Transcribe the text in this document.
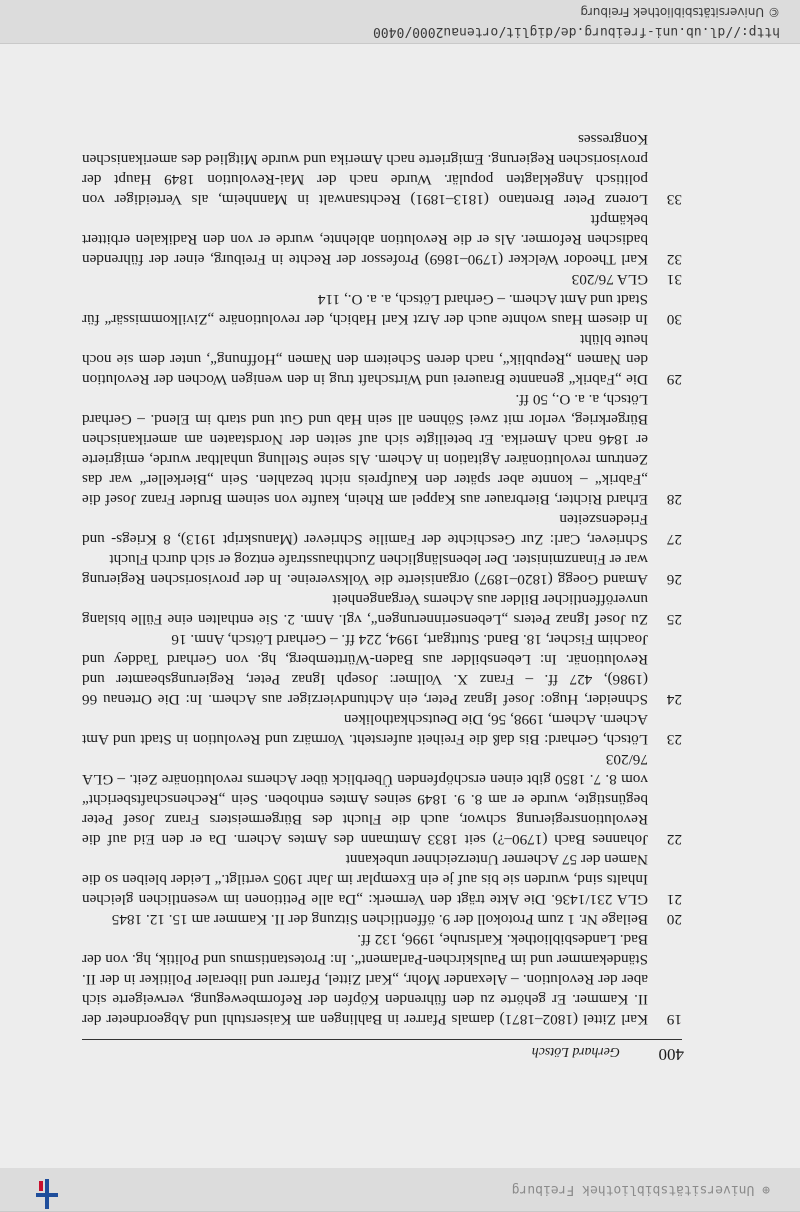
⊕ Universitätsbibliothek Freiburg
400
Gerhard Lötsch

19
Karl Zittel (1802–1871) damals Pfarrer in Bahlingen am Kaiserstuhl und Abgeordneter der II. Kammer. Er gehörte zu den führenden Köpfen der Reformbewegung, verweigerte sich aber der Revolution. – Alexander Mohr, „Karl Zittel, Pfarrer und liberaler Politiker in der II. Ständekammer und im Paulskirchen-Parlament“. In: Protestantismus und Politik, hg. von der Bad. Landesbibliothek. Karlsruhe, 1996, 132 ff.

20
Beilage Nr. 1 zum Protokoll der 9. öffentlichen Sitzung der II. Kammer am 15. 12. 1845

21
GLA 231/1436. Die Akte trägt den Vermerk: „Da alle Petitionen im wesentlichen gleichen Inhalts sind, wurden sie bis auf je ein Exemplar im Jahr 1905 vertilgt.“ Leider bleiben so die Namen der 57 Acherner Unterzeichner unbekannt

22
Johannes Bach (1790–?) seit 1833 Amtmann des Amtes Achern. Da er den Eid auf die Revolutionsregierung schwor, auch die Flucht des Bürgermeisters Franz Josef Peter begünstigte, wurde er am 8. 9. 1849 seines Amtes enthoben. Sein „Rechenschaftsbericht“ vom 8. 7. 1850 gibt einen erschöpfenden Überblick über Acherns revolutionäre Zeit. – GLA 76/203

23
Lötsch, Gerhard: Bis daß die Freiheit aufersteht. Vormärz und Revolution in Stadt und Amt Achern. Achern, 1998, 56, Die Deutschkatholiken

24
Schneider, Hugo: Josef Ignaz Peter, ein Achtundvierziger aus Achern. In: Die Ortenau 66 (1986), 427 ff. – Franz X. Vollmer: Joseph Ignaz Peter, Regierungsbeamter und Revolutionär. In: Lebensbilder aus Baden-Württemberg, hg. von Gerhard Taddey und Joachim Fischer, 18. Band. Stuttgart, 1994, 224 ff. – Gerhard Lötsch, Anm. 16

25
Zu Josef Ignaz Peters „Lebenserinnerungen“, vgl. Anm. 2. Sie enthalten eine Fülle bislang unveröffentlicher Bilder aus Acherns Vergangenheit

26
Amand Goegg (1820–1897) organisierte die Volksvereine. In der provisorischen Regierung war er Finanzminister. Der lebenslänglichen Zuchthausstrafe entzog er sich durch Flucht

27
Schriever, Carl: Zur Geschichte der Familie Schriever (Manuskript 1913), 8 Kriegs- und Friedenszeiten

28
Erhard Richter, Bierbrauer aus Kappel am Rhein, kaufte von seinem Bruder Franz Josef die „Fabrik“ – konnte aber später den Kaufpreis nicht bezahlen. Sein „Bierkeller“ war das Zentrum revolutionärer Agitation in Achern. Als seine Stellung unhaltbar wurde, emigrierte er 1846 nach Amerika. Er beteiligte sich auf seiten der Nordstaaten am amerikanischen Bürgerkrieg, verlor mit zwei Söhnen all sein Hab und Gut und starb im Elend. – Gerhard Lötsch, a. a. O., 50 ff.

29
Die „Fabrik“ genannte Brauerei und Wirtschaft trug in den wenigen Wochen der Revolution den Namen „Republik“, nach deren Scheitern den Namen „Hoffnung“, unter dem sie noch heute blüht

30
In diesem Haus wohnte auch der Arzt Karl Habich, der revolutionäre „Zivilkommissär“ für Stadt und Amt Achern. – Gerhard Lötsch, a. a. O., 114

31
GLA 76/203

32
Karl Theodor Welcker (1790–1869) Professor der Rechte in Freiburg, einer der führenden badischen Reformer. Als er die Revolution ablehnte, wurde er von den Radikalen erbittert bekämpft

33
Lorenz Peter Brentano (1813–1891) Rechtsanwalt in Mannheim, als Verteidiger von politisch Angeklagten populär. Wurde nach der Mai-Revolution 1849 Haupt der provisorischen Regierung. Emigrierte nach Amerika und wurde Mitglied des amerikanischen Kongresses

http://dl.ub.uni-freiburg.de/diglit/ortenau2000/0400
© Universitätsbibliothek Freiburg
